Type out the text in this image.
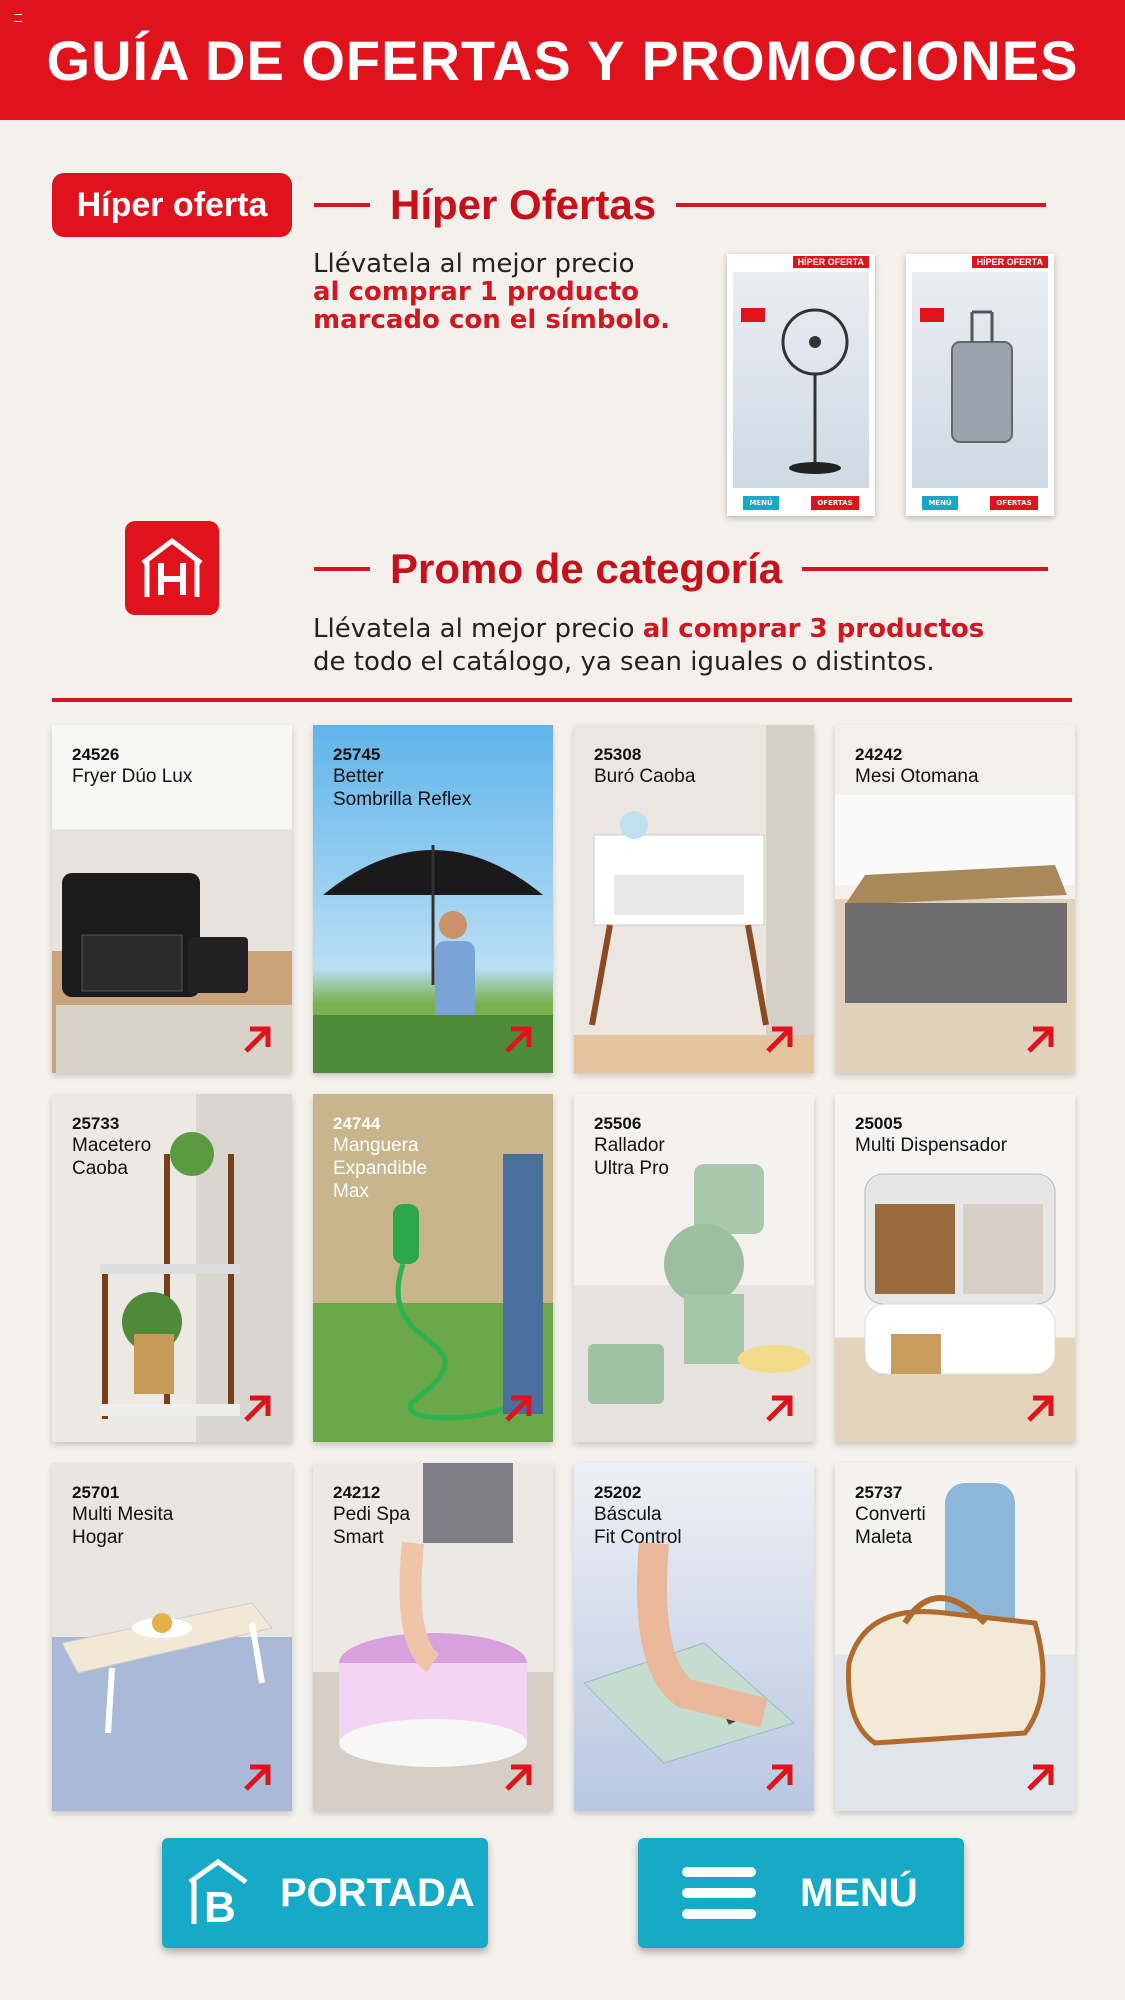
GUÍA DE OFERTAS Y PROMOCIONES
Híper oferta	Híper Ofertas
Llévatela al mejor precio
al comprar 1 producto
marcado con el símbolo.
HÍPER OFERTA
MENÚ	OFERTAS
HÍPER OFERTA
MENÚ	OFERTAS
Promo de categoría
Llévatela al mejor precio al comprar 3 productos
de todo el catálogo, ya sean iguales o distintos.
24526
Fryer Dúo Lux
25745
Better
Sombrilla Reflex
25308
Buró Caoba
24242
Mesi Otomana
25733
Macetero
Caoba
24744
Manguera
Expandible
Max
25506
Rallador
Ultra Pro
25005
Multi Dispensador
25701
Multi Mesita
Hogar
24212
Pedi Spa
Smart
25202
Báscula
Fit Control
25737
Converti
Maleta
B PORTADA	MENÚ
